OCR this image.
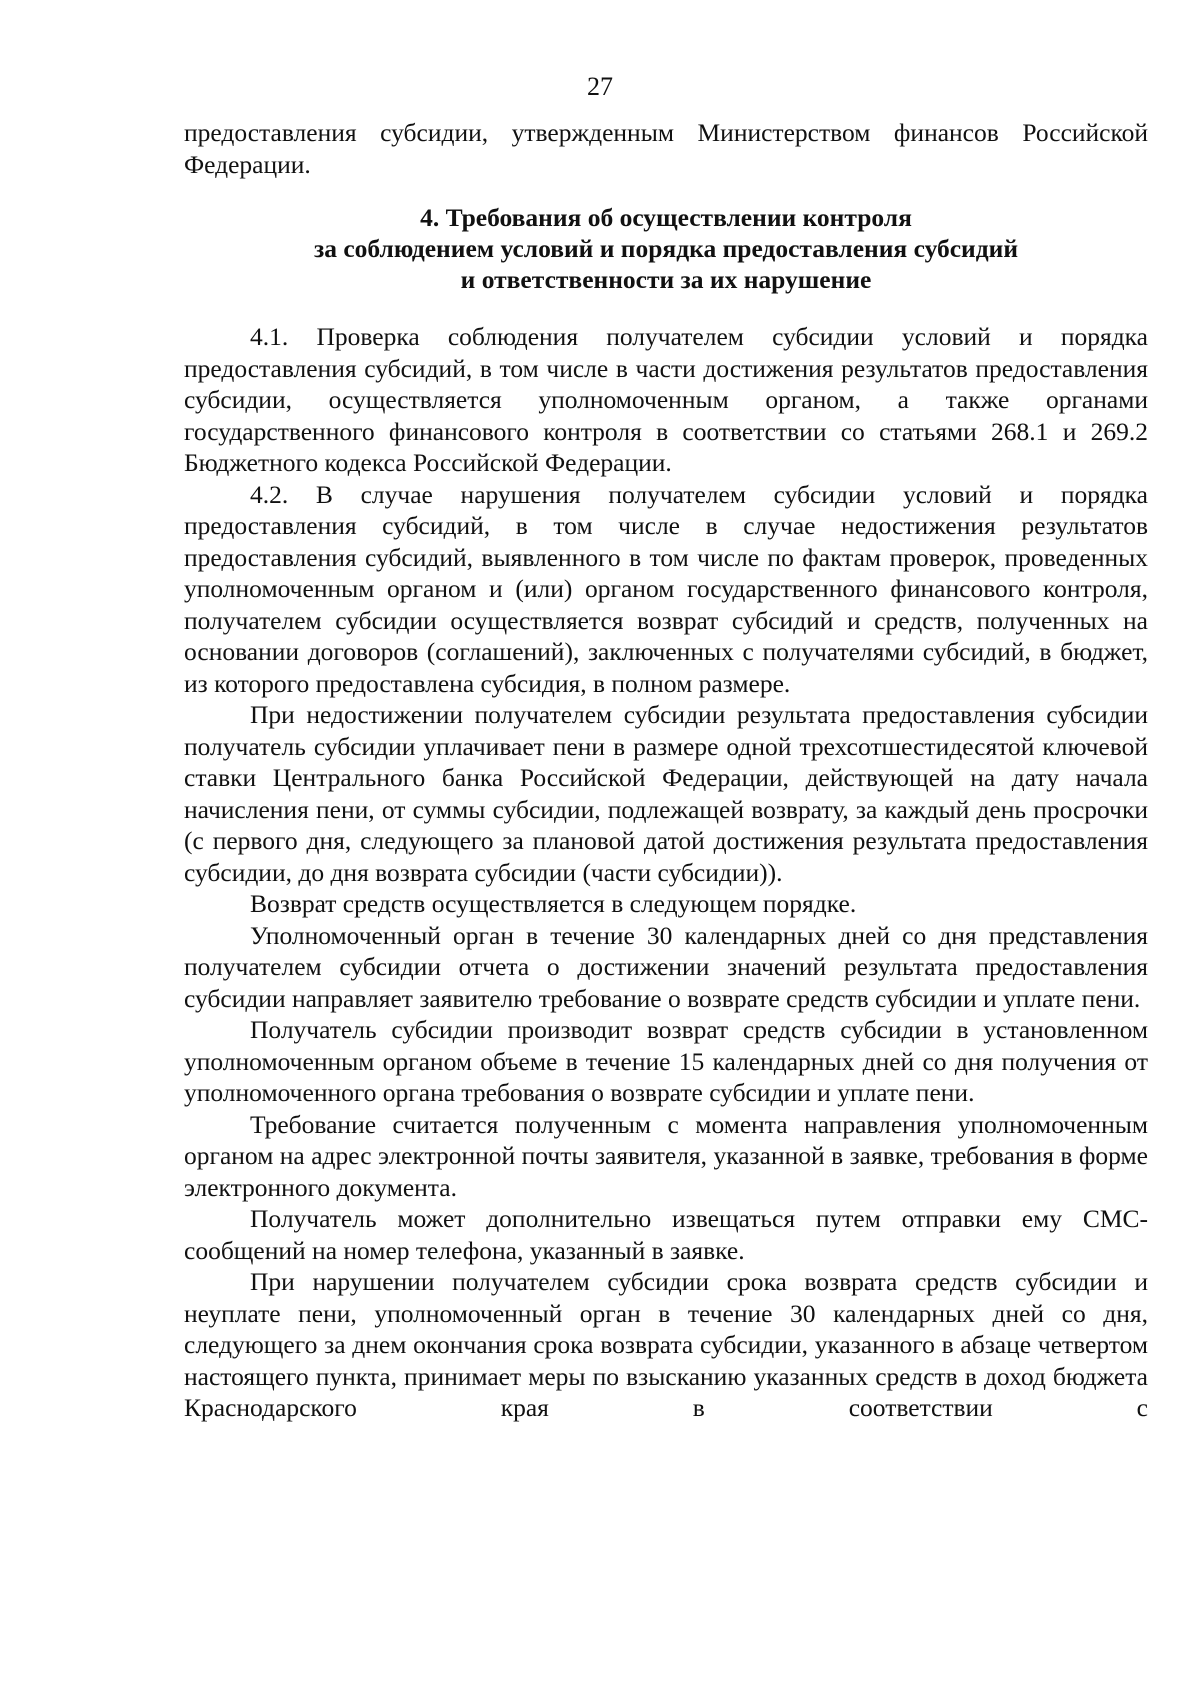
27

предоставления субсидии, утвержденным Министерством финансов Российской Федерации.

4. Требования об осуществлении контроля
за соблюдением условий и порядка предоставления субсидий
и ответственности за их нарушение

4.1. Проверка соблюдения получателем субсидии условий и порядка предоставления субсидий, в том числе в части достижения результатов предоставления субсидии, осуществляется уполномоченным органом, а также органами государственного финансового контроля в соответствии со статьями 268.1 и 269.2 Бюджетного кодекса Российской Федерации.

4.2. В случае нарушения получателем субсидии условий и порядка предоставления субсидий, в том числе в случае недостижения результатов предоставления субсидий, выявленного в том числе по фактам проверок, проведенных уполномоченным органом и (или) органом государственного финансового контроля, получателем субсидии осуществляется возврат субсидий и средств, полученных на основании договоров (соглашений), заключенных с получателями субсидий, в бюджет, из которого предоставлена субсидия, в полном размере.

При недостижении получателем субсидии результата предоставления субсидии получатель субсидии уплачивает пени в размере одной трехсотшестидесятой ключевой ставки Центрального банка Российской Федерации, действующей на дату начала начисления пени, от суммы субсидии, подлежащей возврату, за каждый день просрочки (с первого дня, следующего за плановой датой достижения результата предоставления субсидии, до дня возврата субсидии (части субсидии)).

Возврат средств осуществляется в следующем порядке.

Уполномоченный орган в течение 30 календарных дней со дня представления получателем субсидии отчета о достижении значений результата предоставления субсидии направляет заявителю требование о возврате средств субсидии и уплате пени.

Получатель субсидии производит возврат средств субсидии в установленном уполномоченным органом объеме в течение 15 календарных дней со дня получения от уполномоченного органа требования о возврате субсидии и уплате пени.

Требование считается полученным с момента направления уполномоченным органом на адрес электронной почты заявителя, указанной в заявке, требования в форме электронного документа.

Получатель может дополнительно извещаться путем отправки ему СМС-сообщений на номер телефона, указанный в заявке.

При нарушении получателем субсидии срока возврата средств субсидии и неуплате пени, уполномоченный орган в течение 30 календарных дней со дня, следующего за днем окончания срока возврата субсидии, указанного в абзаце четвертом настоящего пункта, принимает меры по взысканию указанных средств в доход бюджета Краснодарского края в соответствии с
